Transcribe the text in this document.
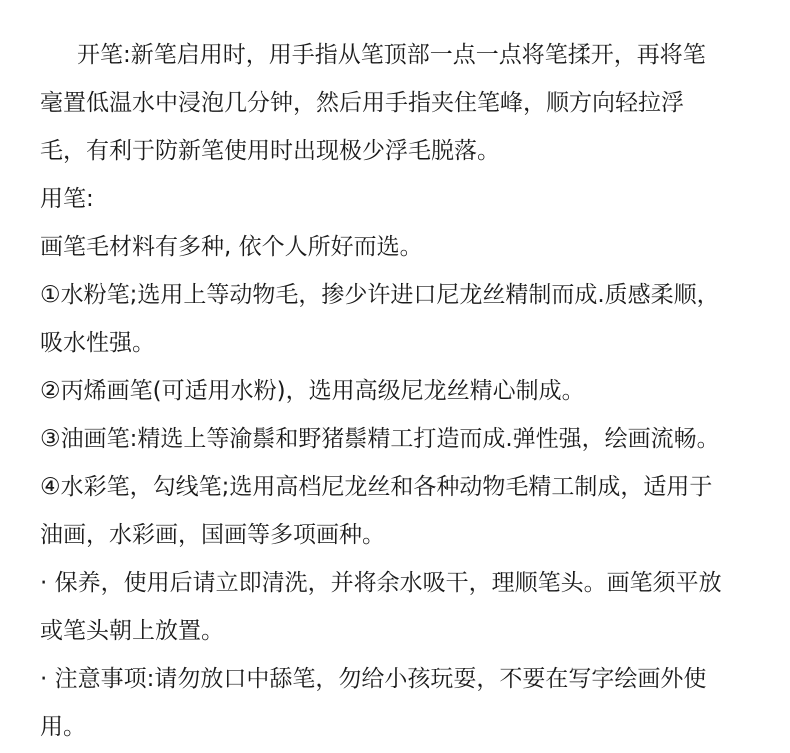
开笔:新笔启用时，用手指从笔顶部一点一点将笔揉开，再将笔
毫置低温水中浸泡几分钟，然后用手指夹住笔峰，顺方向轻拉浮
毛，有利于防新笔使用时出现极少浮毛脱落。
用笔:
画笔毛材料有多种, 依个人所好而选。
①水粉笔;选用上等动物毛，掺少许进口尼龙丝精制而成.质感柔顺，
吸水性强。
②丙烯画笔(可适用水粉)，选用高级尼龙丝精心制成。
③油画笔:精选上等渝鬃和野猪鬃精工打造而成.弹性强，绘画流畅。
④水彩笔，勾线笔;选用高档尼龙丝和各种动物毛精工制成，适用于
油画，水彩画，国画等多项画种。
· 保养，使用后请立即清洗，并将余水吸干，理顺笔头。画笔须平放
或笔头朝上放置。
· 注意事项:请勿放口中舔笔，勿给小孩玩耍，不要在写字绘画外使
用。
